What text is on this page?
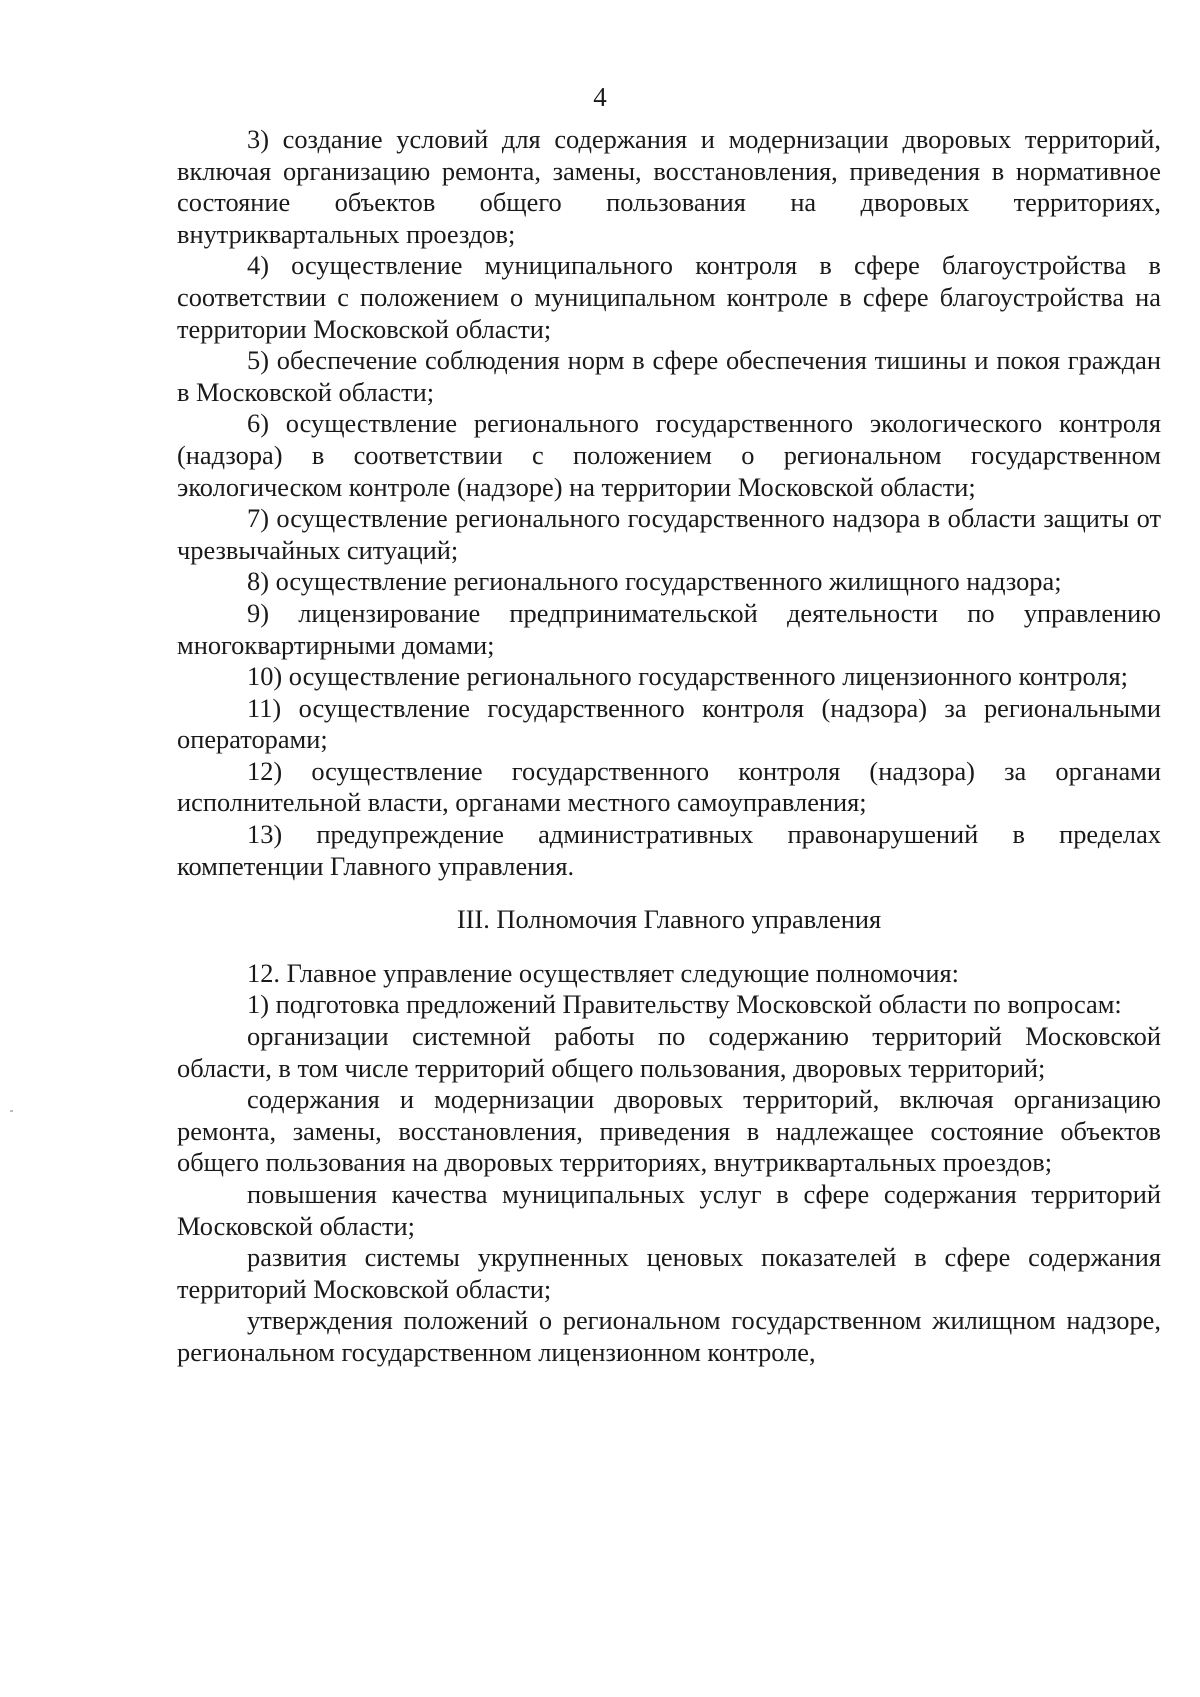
4

3) создание условий для содержания и модернизации дворовых территорий, включая организацию ремонта, замены, восстановления, приведения в нормативное состояние объектов общего пользования на дворовых территориях, внутриквартальных проездов;

4) осуществление муниципального контроля в сфере благоустройства в соответствии с положением о муниципальном контроле в сфере благоустройства на территории Московской области;

5) обеспечение соблюдения норм в сфере обеспечения тишины и покоя граждан в Московской области;

6) осуществление регионального государственного экологического контроля (надзора) в соответствии с положением о региональном государственном экологическом контроле (надзоре) на территории Московской области;

7) осуществление регионального государственного надзора в области защиты от чрезвычайных ситуаций;

8) осуществление регионального государственного жилищного надзора;

9) лицензирование предпринимательской деятельности по управлению многоквартирными домами;

10) осуществление регионального государственного лицензионного контроля;

11) осуществление государственного контроля (надзора) за региональными операторами;

12) осуществление государственного контроля (надзора) за органами исполнительной власти, органами местного самоуправления;

13) предупреждение административных правонарушений в пределах компетенции Главного управления.

III. Полномочия Главного управления

12. Главное управление осуществляет следующие полномочия:

1) подготовка предложений Правительству Московской области по вопросам:

организации системной работы по содержанию территорий Московской области, в том числе территорий общего пользования, дворовых территорий;

содержания и модернизации дворовых территорий, включая организацию ремонта, замены, восстановления, приведения в надлежащее состояние объектов общего пользования на дворовых территориях, внутриквартальных проездов;

повышения качества муниципальных услуг в сфере содержания территорий Московской области;

развития системы укрупненных ценовых показателей в сфере содержания территорий Московской области;

утверждения положений о региональном государственном жилищном надзоре, региональном государственном лицензионном контроле,
